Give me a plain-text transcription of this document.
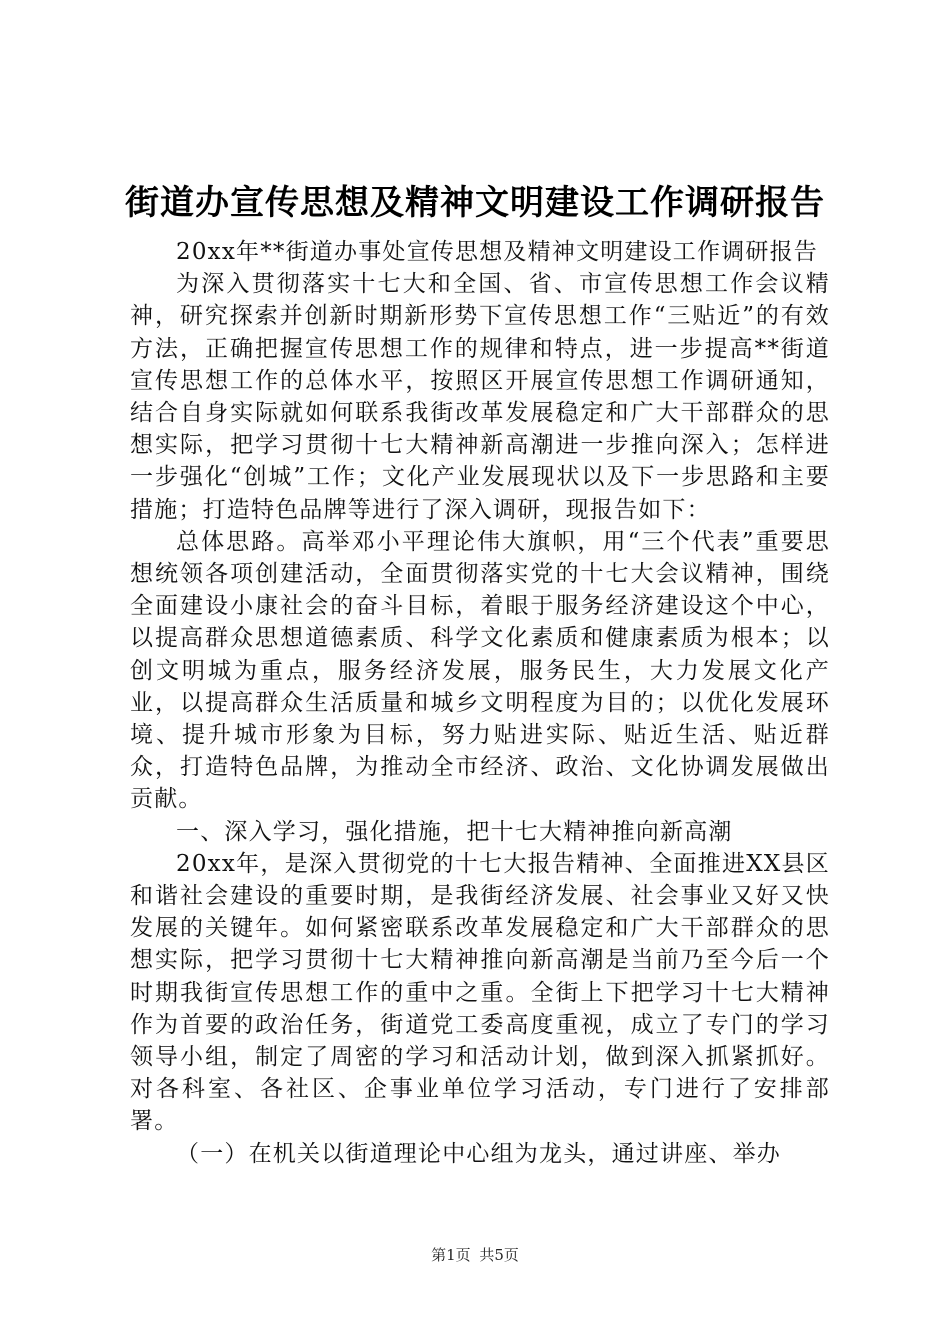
街道办宣传思想及精神文明建设工作调研报告

20xx年**街道办事处宣传思想及精神文明建设工作调研报告

为深入贯彻落实十七大和全国、省、市宣传思想工作会议精神，研究探索并创新时期新形势下宣传思想工作“三贴近”的有效方法，正确把握宣传思想工作的规律和特点，进一步提高**街道宣传思想工作的总体水平，按照区开展宣传思想工作调研通知，结合自身实际就如何联系我街改革发展稳定和广大干部群众的思想实际，把学习贯彻十七大精神新高潮进一步推向深入；怎样进一步强化“创城”工作；文化产业发展现状以及下一步思路和主要措施；打造特色品牌等进行了深入调研，现报告如下：

总体思路。高举邓小平理论伟大旗帜，用“三个代表”重要思想统领各项创建活动，全面贯彻落实党的十七大会议精神，围绕全面建设小康社会的奋斗目标，着眼于服务经济建设这个中心，以提高群众思想道德素质、科学文化素质和健康素质为根本；以创文明城为重点，服务经济发展，服务民生，大力发展文化产业，以提高群众生活质量和城乡文明程度为目的；以优化发展环境、提升城市形象为目标，努力贴进实际、贴近生活、贴近群众，打造特色品牌，为推动全市经济、政治、文化协调发展做出贡献。

一、深入学习，强化措施，把十七大精神推向新高潮

20xx年，是深入贯彻党的十七大报告精神、全面推进XX县区和谐社会建设的重要时期，是我街经济发展、社会事业又好又快发展的关键年。如何紧密联系改革发展稳定和广大干部群众的思想实际，把学习贯彻十七大精神推向新高潮是当前乃至今后一个时期我街宣传思想工作的重中之重。全街上下把学习十七大精神作为首要的政治任务，街道党工委高度重视，成立了专门的学习领导小组，制定了周密的学习和活动计划，做到深入抓紧抓好。对各科室、各社区、企事业单位学习活动，专门进行了安排部署。

（一）在机关以街道理论中心组为龙头，通过讲座、举办

第1页 共5页
